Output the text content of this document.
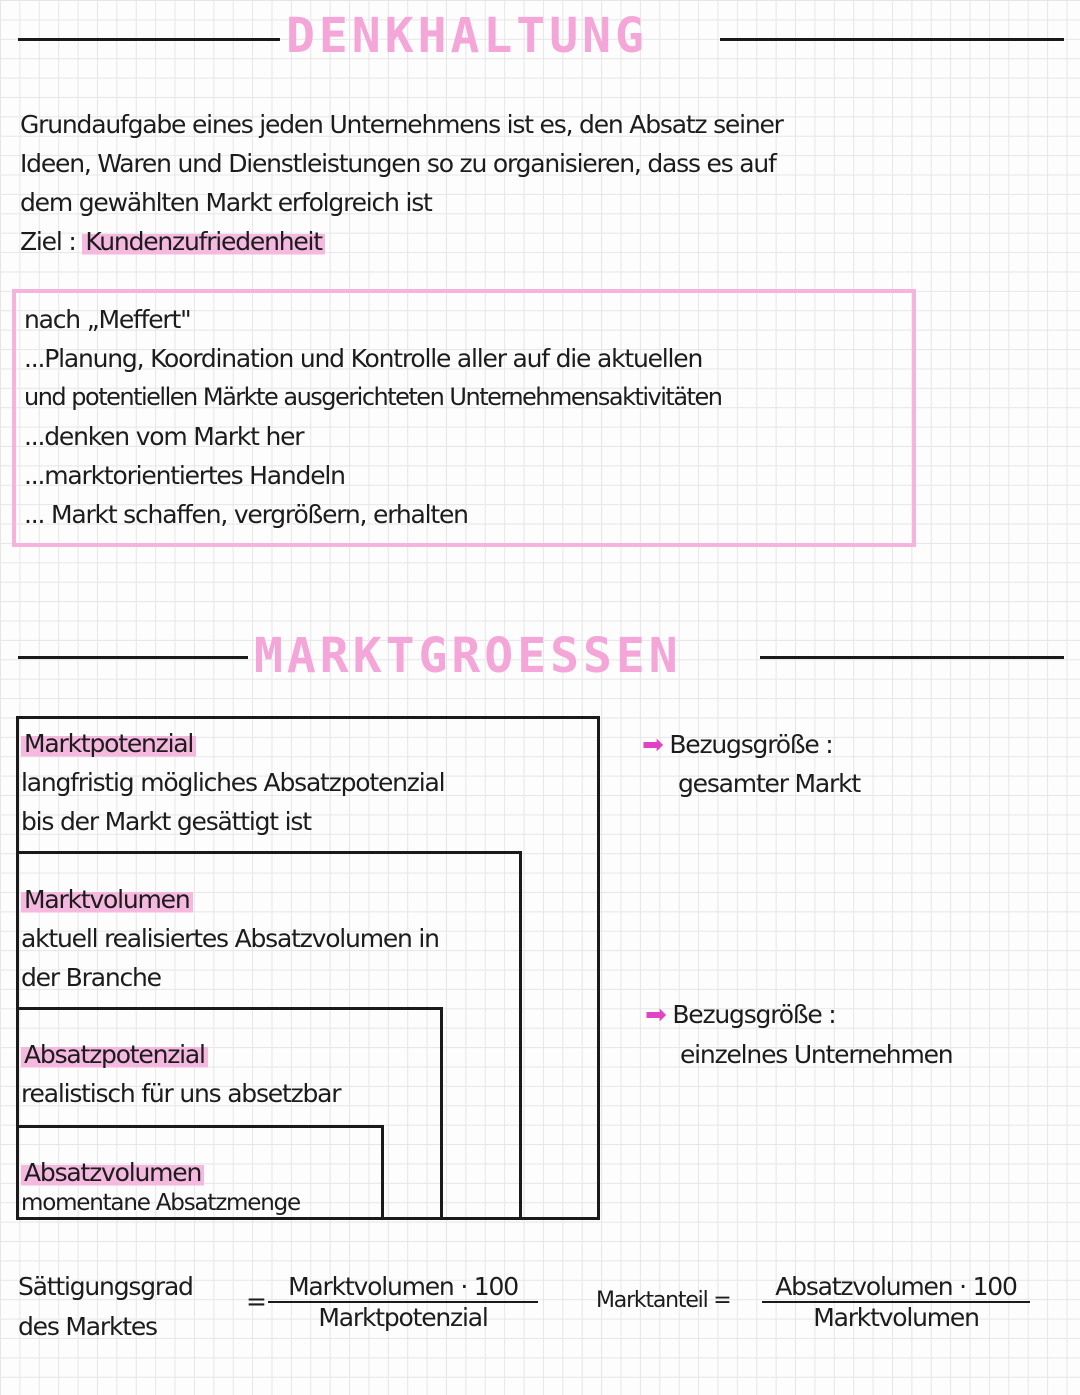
DENKHALTUNG
Grundaufgabe eines jeden Unternehmens ist es, den Absatz seiner
Ideen, Waren und Dienstleistungen so zu organisieren, dass es auf
dem gewählten Markt erfolgreich ist
Ziel : Kundenzufriedenheit
nach „Meffert"
...Planung, Koordination und Kontrolle aller auf die aktuellen
und potentiellen Märkte ausgerichteten Unternehmensaktivitäten
...denken vom Markt her
...marktorientiertes Handeln
... Markt schaffen, vergrößern, erhalten
MARKTGROESSEN
Marktpotenzial
langfristig mögliches Absatzpotenzial
bis der Markt gesättigt ist
Marktvolumen
aktuell realisiertes Absatzvolumen in
der Branche
Absatzpotenzial
realistisch für uns absetzbar
Absatzvolumen
momentane Absatzmenge
➡ Bezugsgröße :
gesamter Markt
➡ Bezugsgröße :
einzelnes Unternehmen
Sättigungsgrad
des Marktes
=
Marktvolumen · 100
Marktpotenzial
Marktanteil =	Absatzvolumen · 100
Marktvolumen
